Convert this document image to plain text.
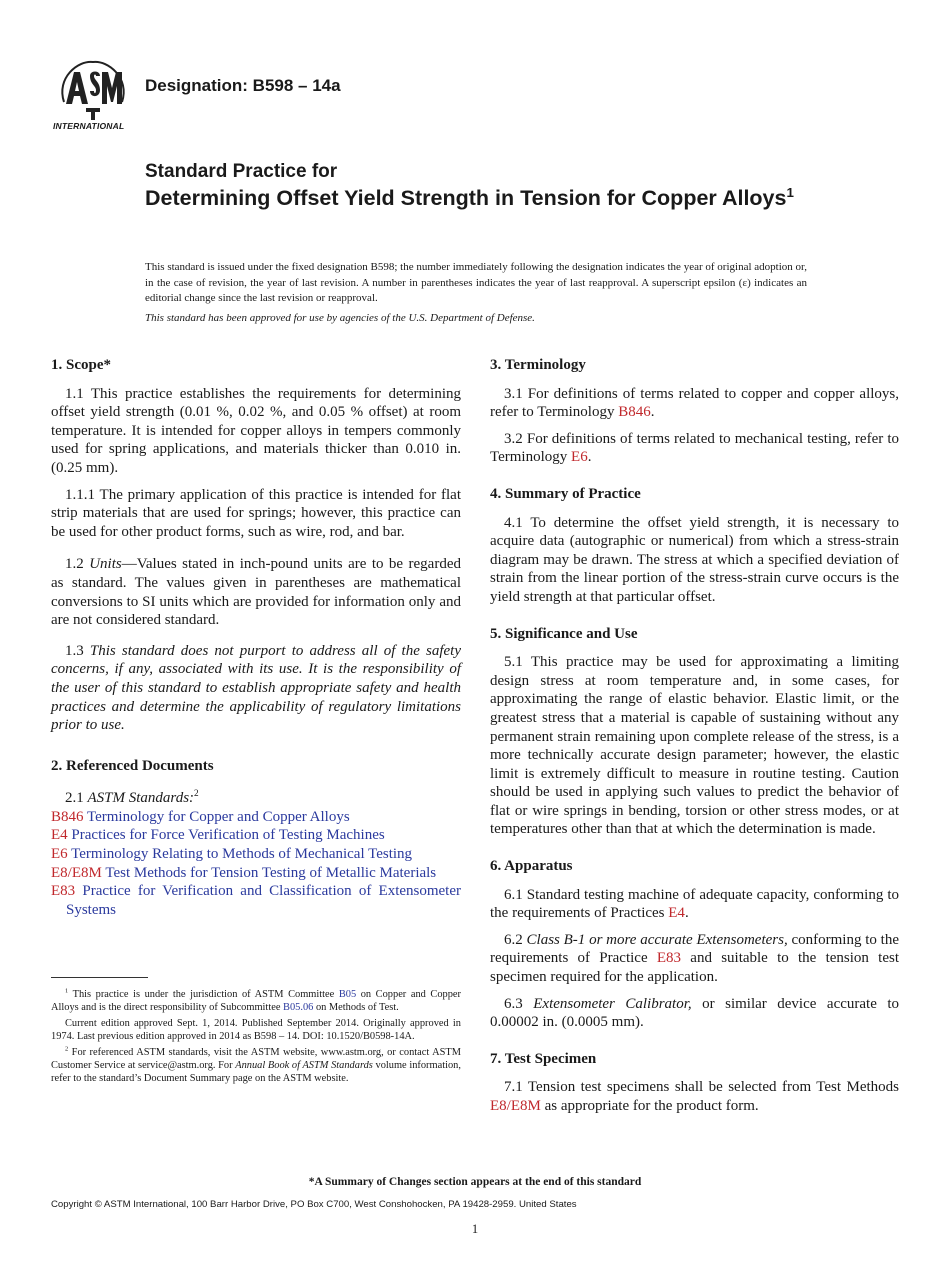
INTERNATIONAL

Designation: B598 – 14a

Standard Practice for
Determining Offset Yield Strength in Tension for Copper Alloys$^1$

This standard is issued under the fixed designation B598; the number immediately following the designation indicates the year of original adoption or, in the case of revision, the year of last revision. A number in parentheses indicates the year of last reapproval. A superscript epsilon (ε) indicates an editorial change since the last revision or reapproval.

This standard has been approved for use by agencies of the U.S. Department of Defense.

1. Scope*

1.1 This practice establishes the requirements for determining offset yield strength (0.01 %, 0.02 %, and 0.05 % offset) at room temperature. It is intended for copper alloys in tempers commonly used for spring applications, and materials thicker than 0.010 in. (0.25 mm).

1.1.1 The primary application of this practice is intended for flat strip materials that are used for springs; however, this practice can be used for other product forms, such as wire, rod, and bar.

1.2 Units—Values stated in inch-pound units are to be regarded as standard. The values given in parentheses are mathematical conversions to SI units which are provided for information only and are not considered standard.

1.3 This standard does not purport to address all of the safety concerns, if any, associated with its use. It is the responsibility of the user of this standard to establish appropriate safety and health practices and determine the applicability of regulatory limitations prior to use.

2. Referenced Documents

2.1 ASTM Standards:$^2$

B846 Terminology for Copper and Copper Alloys
E4 Practices for Force Verification of Testing Machines
E6 Terminology Relating to Methods of Mechanical Testing
E8/E8M Test Methods for Tension Testing of Metallic Materials
E83 Practice for Verification and Classification of Extensometer Systems

$^1$ This practice is under the jurisdiction of ASTM Committee B05 on Copper and Copper Alloys and is the direct responsibility of Subcommittee B05.06 on Methods of Test.

Current edition approved Sept. 1, 2014. Published September 2014. Originally approved in 1974. Last previous edition approved in 2014 as B598 – 14. DOI: 10.1520/B0598-14A.

$^2$ For referenced ASTM standards, visit the ASTM website, www.astm.org, or contact ASTM Customer Service at service@astm.org. For Annual Book of ASTM Standards volume information, refer to the standard’s Document Summary page on the ASTM website.

3. Terminology

3.1 For definitions of terms related to copper and copper alloys, refer to Terminology B846.

3.2 For definitions of terms related to mechanical testing, refer to Terminology E6.

4. Summary of Practice

4.1 To determine the offset yield strength, it is necessary to acquire data (autographic or numerical) from which a stress-strain diagram may be drawn. The stress at which a specified deviation of strain from the linear portion of the stress-strain curve occurs is the yield strength at that particular offset.

5. Significance and Use

5.1 This practice may be used for approximating a limiting design stress at room temperature and, in some cases, for approximating the range of elastic behavior. Elastic limit, or the greatest stress that a material is capable of sustaining without any permanent strain remaining upon complete release of the stress, is a more technically accurate design parameter; however, the elastic limit is extremely difficult to measure in routine testing. Caution should be used in applying such values to predict the behavior of flat or wire springs in bending, torsion or other stress modes, or at temperatures other than that at which the determination is made.

6. Apparatus

6.1 Standard testing machine of adequate capacity, conforming to the requirements of Practices E4.

6.2 Class B-1 or more accurate Extensometers, conforming to the requirements of Practice E83 and suitable to the tension test specimen required for the application.

6.3 Extensometer Calibrator, or similar device accurate to 0.00002 in. (0.0005 mm).

7. Test Specimen

7.1 Tension test specimens shall be selected from Test Methods E8/E8M as appropriate for the product form.

*A Summary of Changes section appears at the end of this standard

Copyright © ASTM International, 100 Barr Harbor Drive, PO Box C700, West Conshohocken, PA 19428-2959. United States

1
